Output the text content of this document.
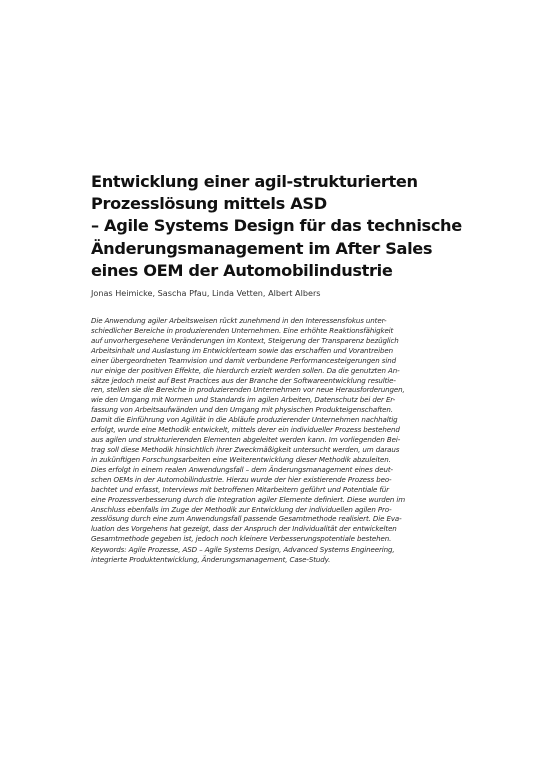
Entwicklung einer agil-strukturierten
Prozesslösung mittels ASD
– Agile Systems Design für das technische
Änderungsmanagement im After Sales
eines OEM der Automobilindustrie
Jonas Heimicke, Sascha Pfau, Linda Vetten, Albert Albers
Die Anwendung agiler Arbeitsweisen rückt zunehmend in den Interessensfokus unter-
schiedlicher Bereiche in produzierenden Unternehmen. Eine erhöhte Reaktionsfähigkeit
auf unvorhergesehene Veränderungen im Kontext, Steigerung der Transparenz bezüglich
Arbeitsinhalt und Auslastung im Entwicklerteam sowie das erschaffen und Vorantreiben
einer übergeordneten Teamvision und damit verbundene Performancesteigerungen sind
nur einige der positiven Effekte, die hierdurch erzielt werden sollen. Da die genutzten An-
sätze jedoch meist auf Best Practices aus der Branche der Softwareentwicklung resultie-
ren, stellen sie die Bereiche in produzierenden Unternehmen vor neue Herausforderungen,
wie den Umgang mit Normen und Standards im agilen Arbeiten, Datenschutz bei der Er-
fassung von Arbeitsaufwänden und den Umgang mit physischen Produkteigenschaften.
Damit die Einführung von Agilität in die Abläufe produzierender Unternehmen nachhaltig
erfolgt, wurde eine Methodik entwickelt, mittels derer ein individueller Prozess bestehend
aus agilen und strukturierenden Elementen abgeleitet werden kann. Im vorliegenden Bei-
trag soll diese Methodik hinsichtlich ihrer Zweckmäßigkeit untersucht werden, um daraus
in zukünftigen Forschungsarbeiten eine Weiterentwicklung dieser Methodik abzuleiten.
Dies erfolgt in einem realen Anwendungsfall – dem Änderungsmanagement eines deut-
schen OEMs in der Automobilindustrie. Hierzu wurde der hier existierende Prozess beo-
bachtet und erfasst, Interviews mit betroffenen Mitarbeitern geführt und Potentiale für
eine Prozessverbesserung durch die Integration agiler Elemente definiert. Diese wurden im
Anschluss ebenfalls im Zuge der Methodik zur Entwicklung der individuellen agilen Pro-
zesslösung durch eine zum Anwendungsfall passende Gesamtmethode realisiert. Die Eva-
luation des Vorgehens hat gezeigt, dass der Anspruch der Individualität der entwickelten
Gesamtmethode gegeben ist, jedoch noch kleinere Verbesserungspotentiale bestehen.
Keywords: Agile Prozesse, ASD – Agile Systems Design, Advanced Systems Engineering,
integrierte Produktentwicklung, Änderungsmanagement, Case-Study.
